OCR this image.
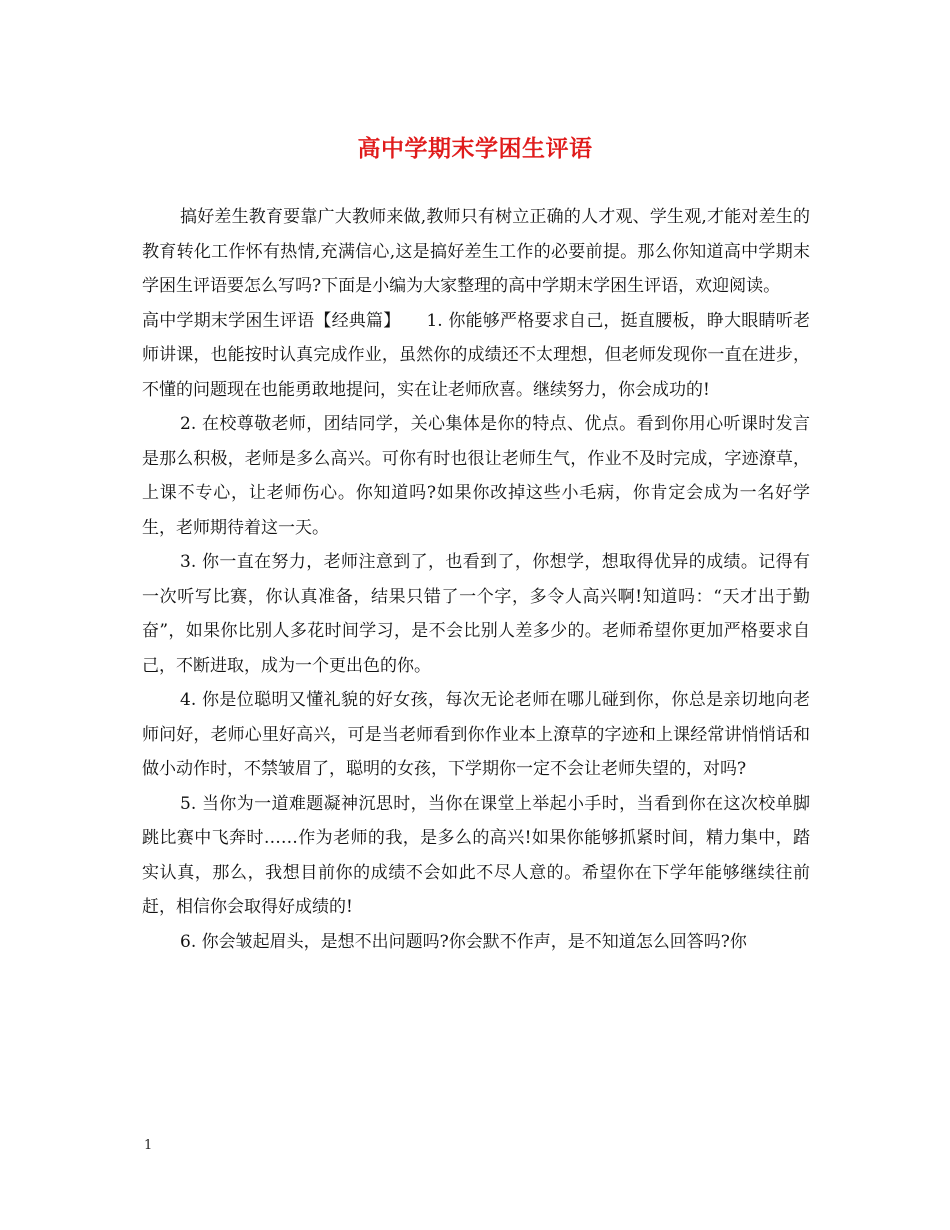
高中学期末学困生评语

搞好差生教育要靠广大教师来做,教师只有树立正确的人才观、学生观,才能对差生的教育转化工作怀有热情,充满信心,这是搞好差生工作的必要前提。那么你知道高中学期末学困生评语要怎么写吗?下面是小编为大家整理的高中学期末学困生评语，欢迎阅读。

高中学期末学困生评语【经典篇】　　1. 你能够严格要求自己，挺直腰板，睁大眼睛听老师讲课，也能按时认真完成作业，虽然你的成绩还不太理想，但老师发现你一直在进步，不懂的问题现在也能勇敢地提问，实在让老师欣喜。继续努力，你会成功的!

2. 在校尊敬老师，团结同学，关心集体是你的特点、优点。看到你用心听课时发言是那么积极，老师是多么高兴。可你有时也很让老师生气，作业不及时完成，字迹潦草，上课不专心，让老师伤心。你知道吗?如果你改掉这些小毛病，你肯定会成为一名好学生，老师期待着这一天。

3. 你一直在努力，老师注意到了，也看到了，你想学，想取得优异的成绩。记得有一次听写比赛，你认真准备，结果只错了一个字，多令人高兴啊!知道吗：“天才出于勤奋”，如果你比别人多花时间学习，是不会比别人差多少的。老师希望你更加严格要求自己，不断进取，成为一个更出色的你。

4. 你是位聪明又懂礼貌的好女孩，每次无论老师在哪儿碰到你，你总是亲切地向老师问好，老师心里好高兴，可是当老师看到你作业本上潦草的字迹和上课经常讲悄悄话和做小动作时，不禁皱眉了，聪明的女孩，下学期你一定不会让老师失望的，对吗?

5. 当你为一道难题凝神沉思时，当你在课堂上举起小手时，当看到你在这次校单脚跳比赛中飞奔时……作为老师的我，是多么的高兴!如果你能够抓紧时间，精力集中，踏实认真，那么，我想目前你的成绩不会如此不尽人意的。希望你在下学年能够继续往前赶，相信你会取得好成绩的!

6. 你会皱起眉头，是想不出问题吗?你会默不作声，是不知道怎么回答吗?你

1
